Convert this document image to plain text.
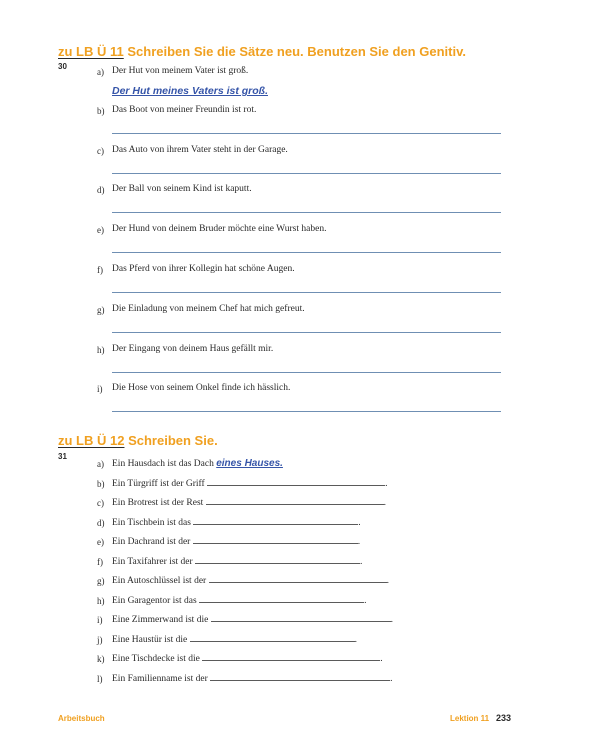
zu LB Ü 11 Schreiben Sie die Sätze neu. Benutzen Sie den Genitiv.
30
a) Der Hut von meinem Vater ist groß.
Der Hut meines Vaters ist groß.
b) Das Boot von meiner Freundin ist rot.
c) Das Auto von ihrem Vater steht in der Garage.
d) Der Ball von seinem Kind ist kaputt.
e) Der Hund von deinem Bruder möchte eine Wurst haben.
f) Das Pferd von ihrer Kollegin hat schöne Augen.
g) Die Einladung von meinem Chef hat mich gefreut.
h) Der Eingang von deinem Haus gefällt mir.
i) Die Hose von seinem Onkel finde ich hässlich.
zu LB Ü 12 Schreiben Sie.
31
a) Ein Hausdach ist das Dach eines Hauses.
b) Ein Türgriff ist der Griff	.
c) Ein Brotrest ist der Rest	.
d) Ein Tischbein ist das	.
e) Ein Dachrand ist der	.
f) Ein Taxifahrer ist der	.
g) Ein Autoschlüssel ist der	.
h) Ein Garagentor ist das	.
i) Eine Zimmerwand ist die	.
j) Eine Haustür ist die	.
k) Eine Tischdecke ist die	.
l) Ein Familienname ist der	.
Arbeitsbuch	Lektion 11 233
